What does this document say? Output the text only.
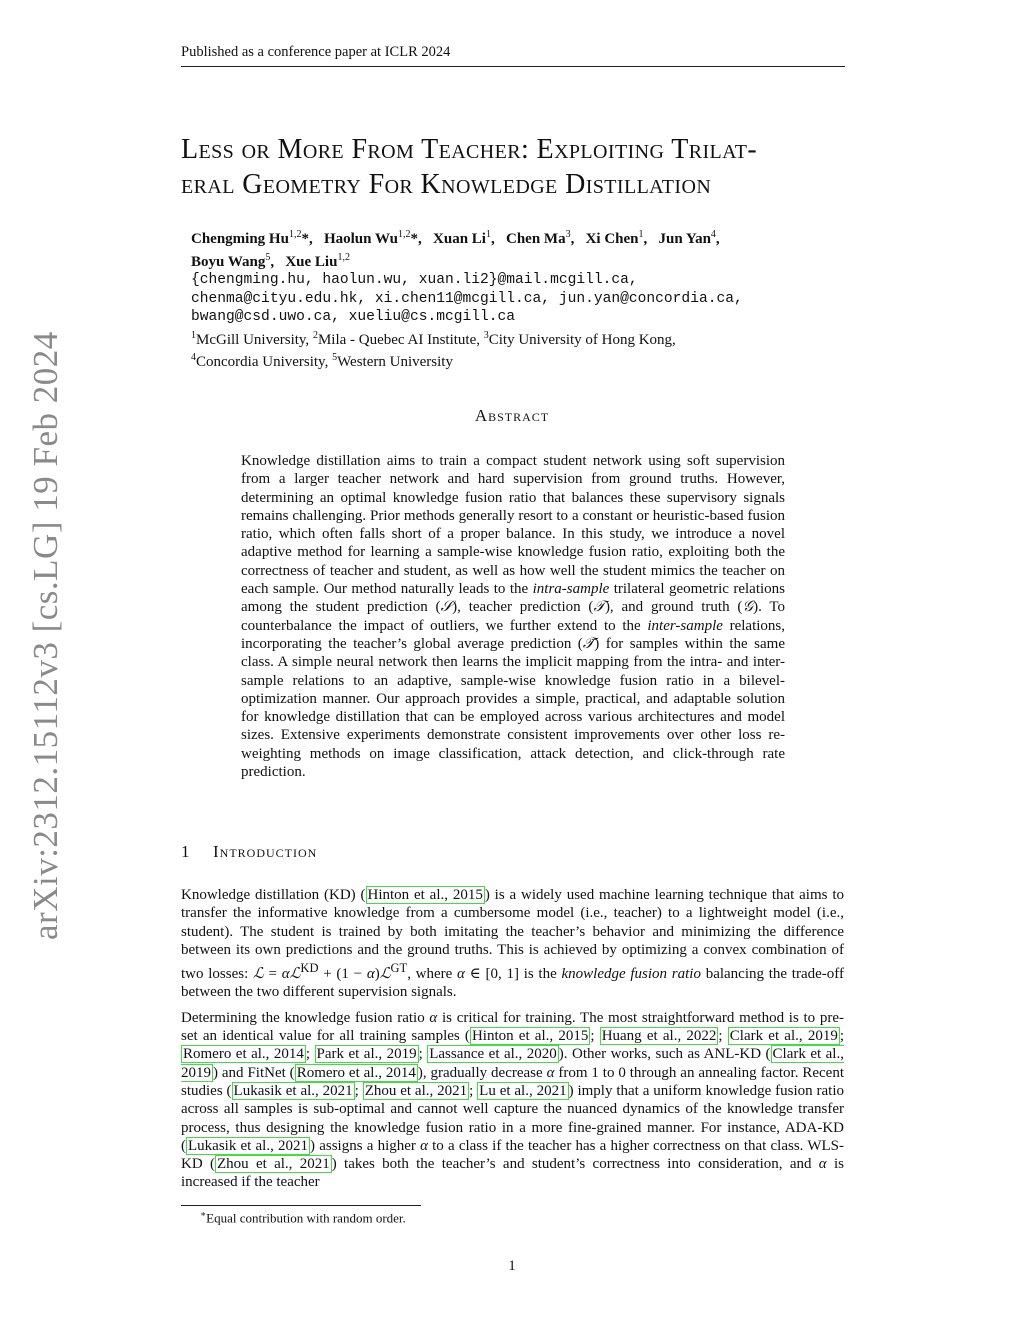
Published as a conference paper at ICLR 2024
arXiv:2312.15112v3 [cs.LG] 19 Feb 2024
Less or More From Teacher: Exploiting Trilat-
eral Geometry For Knowledge Distillation
Chengming Hu$^{1,2}$*,   Haolun Wu$^{1,2}$*,   Xuan Li$^1$,   Chen Ma$^3$,   Xi Chen$^1$,   Jun Yan$^4$,
Boyu Wang$^5$,   Xue Liu$^{1,2}$
{chengming.hu, haolun.wu, xuan.li2}@mail.mcgill.ca,
chenma@cityu.edu.hk, xi.chen11@mcgill.ca, jun.yan@concordia.ca,
bwang@csd.uwo.ca, xueliu@cs.mcgill.ca
$^1$McGill University, $^2$Mila - Quebec AI Institute, $^3$City University of Hong Kong,
$^4$Concordia University, $^5$Western University
Abstract
Knowledge distillation aims to train a compact student network using soft supervision from a larger teacher network and hard supervision from ground truths. However, determining an optimal knowledge fusion ratio that balances these supervisory signals remains challenging. Prior methods generally resort to a constant or heuristic-based fusion ratio, which often falls short of a proper balance. In this study, we introduce a novel adaptive method for learning a sample-wise knowledge fusion ratio, exploiting both the correctness of teacher and student, as well as how well the student mimics the teacher on each sample. Our method naturally leads to the intra-sample trilateral geometric relations among the student prediction (𝒮), teacher prediction (𝒯), and ground truth (𝒢). To counterbalance the impact of outliers, we further extend to the inter-sample relations, incorporating the teacher’s global average prediction (𝒯̄) for samples within the same class. A simple neural network then learns the implicit mapping from the intra- and inter-sample relations to an adaptive, sample-wise knowledge fusion ratio in a bilevel-optimization manner. Our approach provides a simple, practical, and adaptable solution for knowledge distillation that can be employed across various architectures and model sizes. Extensive experiments demonstrate consistent improvements over other loss re-weighting methods on image classification, attack detection, and click-through rate prediction.
1 Introduction

Knowledge distillation (KD) ( Hinton et al., 2015 ) is a widely used machine learning technique that aims to transfer the informative knowledge from a cumbersome model (i.e., teacher) to a lightweight model (i.e., student). The student is trained by both imitating the teacher’s behavior and minimizing the difference between its own predictions and the ground truths. This is achieved by optimizing a convex combination of two losses: ℒ = αℒ$^{KD}$ + (1 − α)ℒ$^{GT}$, where α ∈ [0, 1] is the knowledge fusion ratio balancing the trade-off between the two different supervision signals.

Determining the knowledge fusion ratio α is critical for training. The most straightforward method is to pre-set an identical value for all training samples ( Hinton et al., 2015 ; Huang et al., 2022 ; Clark et al., 2019 ; Romero et al., 2014 ; Park et al., 2019 ; Lassance et al., 2020 ). Other works, such as ANL-KD ( Clark et al., 2019 ) and FitNet ( Romero et al., 2014 ), gradually decrease α from 1 to 0 through an annealing factor. Recent studies ( Lukasik et al., 2021 ; Zhou et al., 2021 ; Lu et al., 2021 ) imply that a uniform knowledge fusion ratio across all samples is sub-optimal and cannot well capture the nuanced dynamics of the knowledge transfer process, thus designing the knowledge fusion ratio in a more fine-grained manner. For instance, ADA-KD ( Lukasik et al., 2021 ) assigns a higher α to a class if the teacher has a higher correctness on that class. WLS-KD ( Zhou et al., 2021 ) takes both the teacher’s and student’s correctness into consideration, and α is increased if the teacher

∗Equal contribution with random order.
1
